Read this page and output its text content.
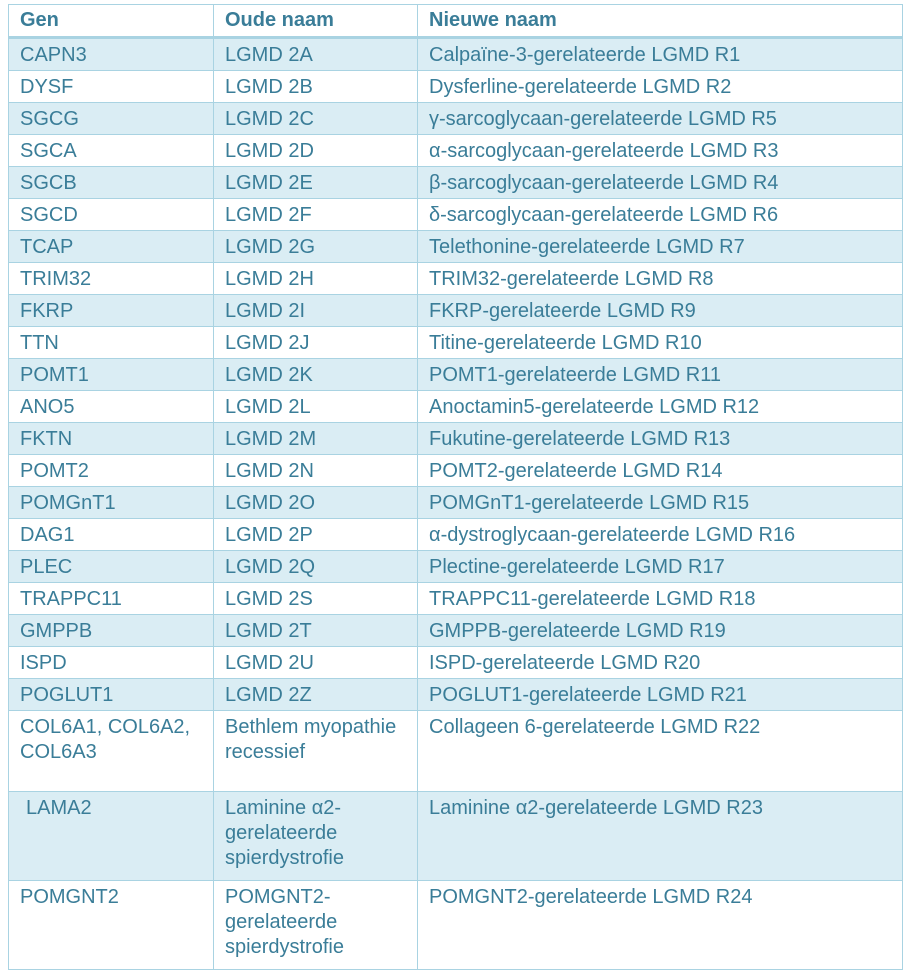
Gen	Oude naam	Nieuwe naam
CAPN3	LGMD 2A	Calpaïne-3-gerelateerde LGMD R1
DYSF	LGMD 2B	Dysferline-gerelateerde LGMD R2
SGCG	LGMD 2C	γ-sarcoglycaan-gerelateerde LGMD R5
SGCA	LGMD 2D	α-sarcoglycaan-gerelateerde LGMD R3
SGCB	LGMD 2E	β-sarcoglycaan-gerelateerde LGMD R4
SGCD	LGMD 2F	δ-sarcoglycaan-gerelateerde LGMD R6
TCAP	LGMD 2G	Telethonine-gerelateerde LGMD R7
TRIM32	LGMD 2H	TRIM32-gerelateerde LGMD R8
FKRP	LGMD 2I	FKRP-gerelateerde LGMD R9
TTN	LGMD 2J	Titine-gerelateerde LGMD R10
POMT1	LGMD 2K	POMT1-gerelateerde LGMD R11
ANO5	LGMD 2L	Anoctamin5-gerelateerde LGMD R12
FKTN	LGMD 2M	Fukutine-gerelateerde LGMD R13
POMT2	LGMD 2N	POMT2-gerelateerde LGMD R14
POMGnT1	LGMD 2O	POMGnT1-gerelateerde LGMD R15
DAG1	LGMD 2P	α-dystroglycaan-gerelateerde LGMD R16
PLEC	LGMD 2Q	Plectine-gerelateerde LGMD R17
TRAPPC11	LGMD 2S	TRAPPC11-gerelateerde LGMD R18
GMPPB	LGMD 2T	GMPPB-gerelateerde LGMD R19
ISPD	LGMD 2U	ISPD-gerelateerde LGMD R20
POGLUT1	LGMD 2Z	POGLUT1-gerelateerde LGMD R21
COL6A1, COL6A2, COL6A3	Bethlem myopathie recessief	Collageen 6-gerelateerde LGMD R22
LAMA2	Laminine α2-gerelateerde spierdystrofie	Laminine α2-gerelateerde LGMD R23
POMGNT2	POMGNT2-gerelateerde spierdystrofie	POMGNT2-gerelateerde LGMD R24
